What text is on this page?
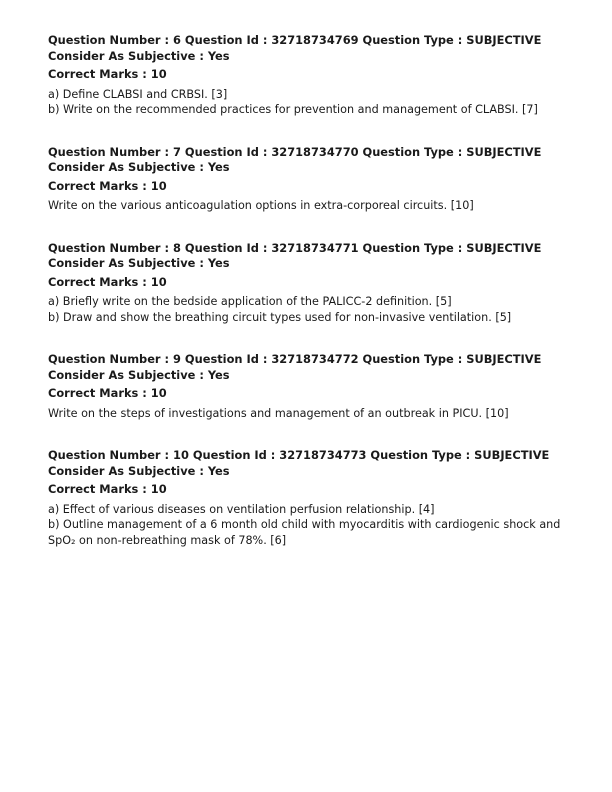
Question Number : 6 Question Id : 32718734769 Question Type : SUBJECTIVE Consider As Subjective : Yes

Correct Marks : 10

a) Define CLABSI and CRBSI. [3]

b) Write on the recommended practices for prevention and management of CLABSI. [7]

Question Number : 7 Question Id : 32718734770 Question Type : SUBJECTIVE Consider As Subjective : Yes

Correct Marks : 10

Write on the various anticoagulation options in extra-corporeal circuits. [10]

Question Number : 8 Question Id : 32718734771 Question Type : SUBJECTIVE Consider As Subjective : Yes

Correct Marks : 10

a) Briefly write on the bedside application of the PALICC-2 definition. [5]

b) Draw and show the breathing circuit types used for non-invasive ventilation. [5]

Question Number : 9 Question Id : 32718734772 Question Type : SUBJECTIVE Consider As Subjective : Yes

Correct Marks : 10

Write on the steps of investigations and management of an outbreak in PICU. [10]

Question Number : 10 Question Id : 32718734773 Question Type : SUBJECTIVE Consider As Subjective : Yes

Correct Marks : 10

a) Effect of various diseases on ventilation perfusion relationship. [4]

b) Outline management of a 6 month old child with myocarditis with cardiogenic shock and SpO₂ on non-rebreathing mask of 78%. [6]
